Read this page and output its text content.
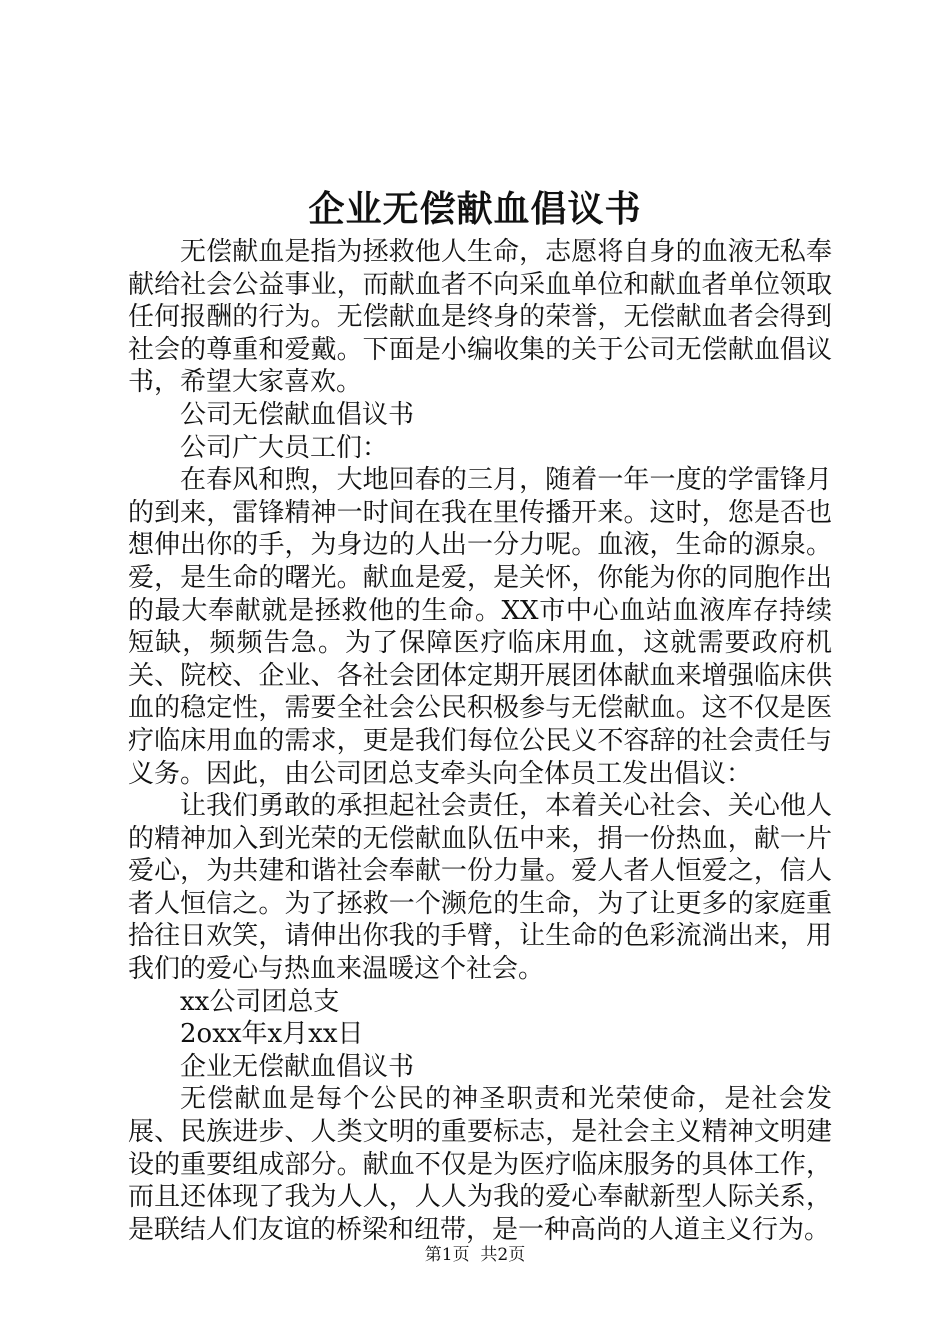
企业无偿献血倡议书

无偿献血是指为拯救他人生命，志愿将自身的血液无私奉献给社会公益事业，而献血者不向采血单位和献血者单位领取任何报酬的行为。无偿献血是终身的荣誉，无偿献血者会得到社会的尊重和爱戴。下面是小编收集的关于公司无偿献血倡议书，希望大家喜欢。

公司无偿献血倡议书

公司广大员工们：

在春风和煦，大地回春的三月，随着一年一度的学雷锋月的到来，雷锋精神一时间在我在里传播开来。这时，您是否也想伸出你的手，为身边的人出一分力呢。血液，生命的源泉。爱，是生命的曙光。献血是爱，是关怀，你能为你的同胞作出的最大奉献就是拯救他的生命。XX市中心血站血液库存持续短缺，频频告急。为了保障医疗临床用血，这就需要政府机关、院校、企业、各社会团体定期开展团体献血来增强临床供血的稳定性，需要全社会公民积极参与无偿献血。这不仅是医疗临床用血的需求，更是我们每位公民义不容辞的社会责任与义务。因此，由公司团总支牵头向全体员工发出倡议：

让我们勇敢的承担起社会责任，本着关心社会、关心他人的精神加入到光荣的无偿献血队伍中来，捐一份热血，献一片爱心，为共建和谐社会奉献一份力量。爱人者人恒爱之，信人者人恒信之。为了拯救一个濒危的生命，为了让更多的家庭重拾往日欢笑，请伸出你我的手臂，让生命的色彩流淌出来，用我们的爱心与热血来温暖这个社会。

xx公司团总支

2oxx年x月xx日

企业无偿献血倡议书

无偿献血是每个公民的神圣职责和光荣使命，是社会发展、民族进步、人类文明的重要标志，是社会主义精神文明建设的重要组成部分。献血不仅是为医疗临床服务的具体工作，而且还体现了我为人人，人人为我的爱心奉献新型人际关系，是联结人们友谊的桥梁和纽带，是一种高尚的人道主义行为。

第1页  共2页
